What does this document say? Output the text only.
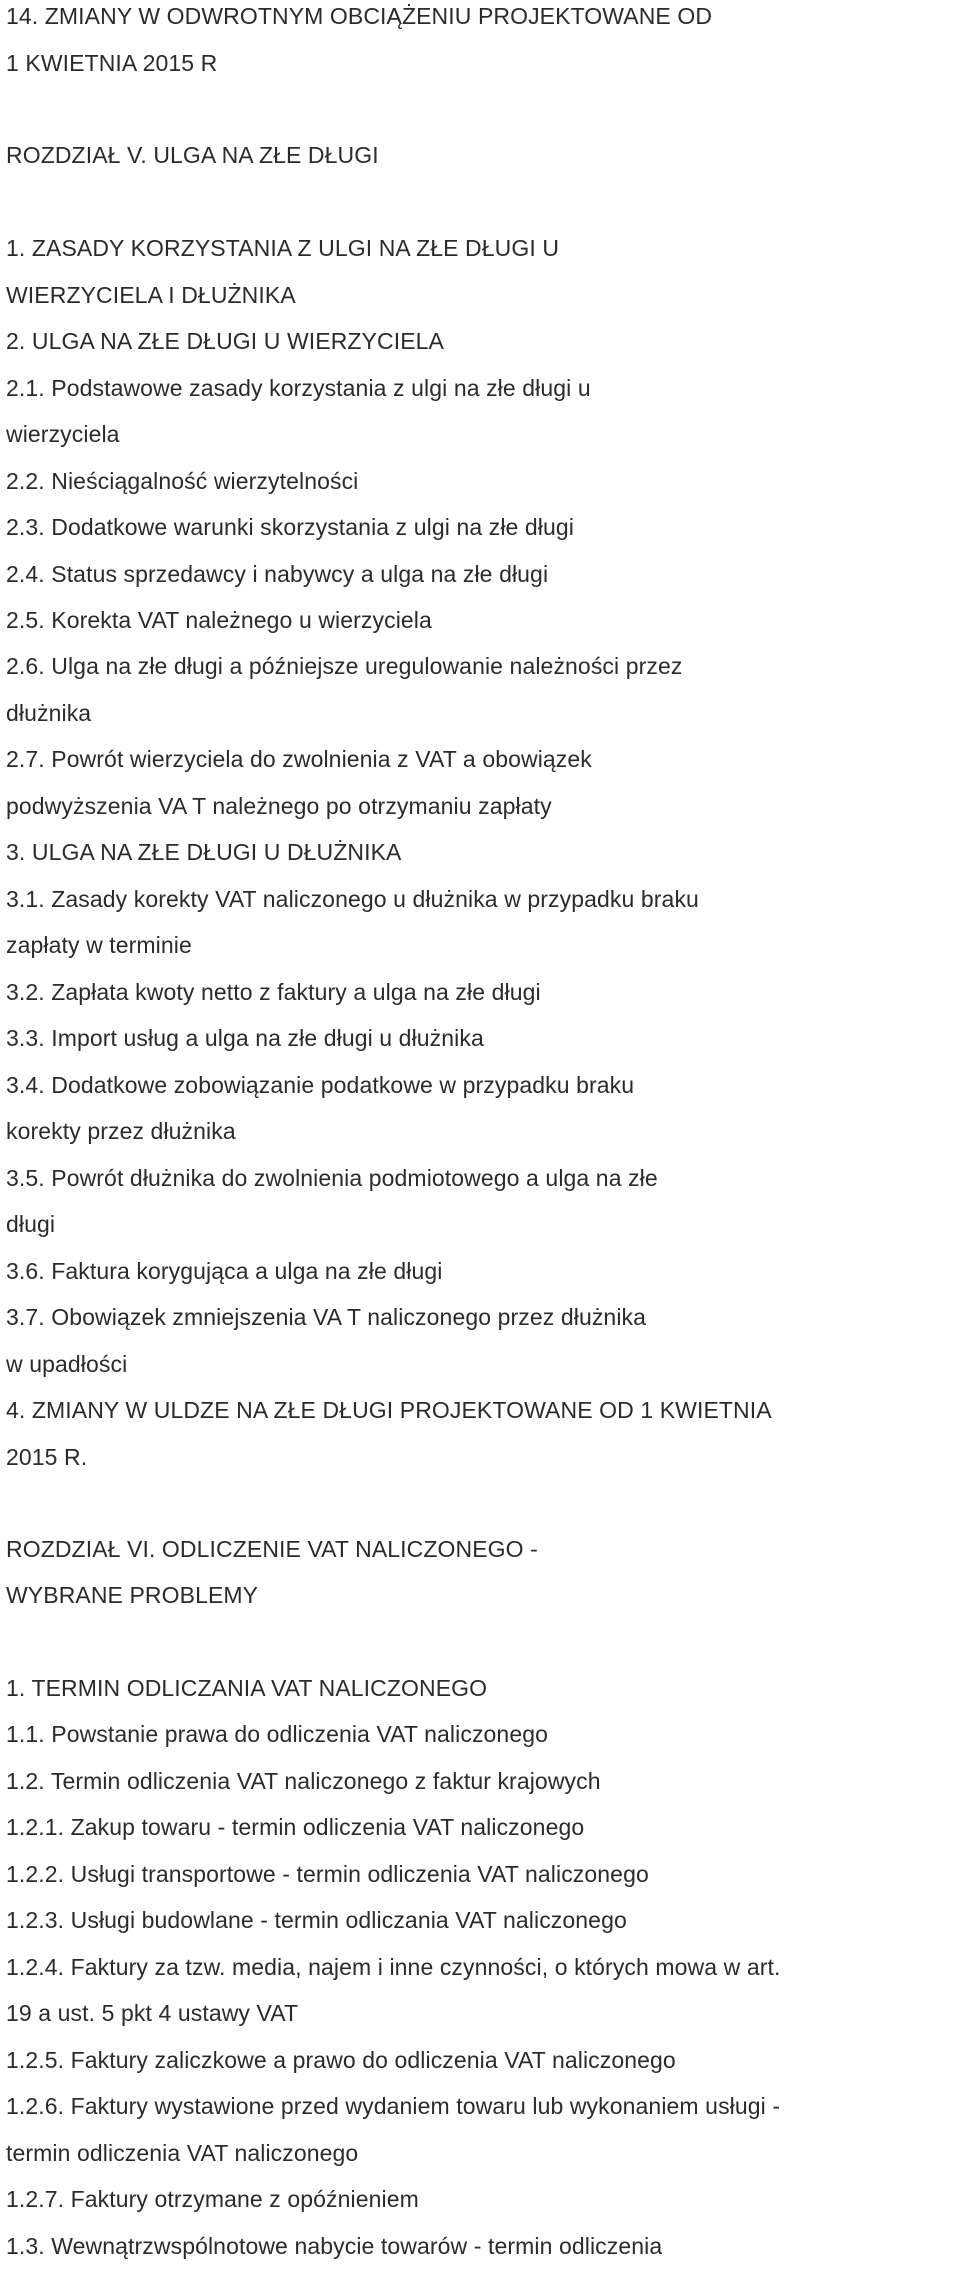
14. ZMIANY W ODWROTNYM OBCIĄŻENIU PROJEKTOWANE OD
1 KWIETNIA 2015 R
ROZDZIAŁ V. ULGA NA ZŁE DŁUGI
1. ZASADY KORZYSTANIA Z ULGI NA ZŁE DŁUGI U
WIERZYCIELA I DŁUŻNIKA
2. ULGA NA ZŁE DŁUGI U WIERZYCIELA
2.1. Podstawowe zasady korzystania z ulgi na złe długi u
wierzyciela
2.2. Nieściągalność wierzytelności
2.3. Dodatkowe warunki skorzystania z ulgi na złe długi
2.4. Status sprzedawcy i nabywcy a ulga na złe długi
2.5. Korekta VAT należnego u wierzyciela
2.6. Ulga na złe długi a późniejsze uregulowanie należności przez
dłużnika
2.7. Powrót wierzyciela do zwolnienia z VAT a obowiązek
podwyższenia VA T należnego po otrzymaniu zapłaty
3. ULGA NA ZŁE DŁUGI U DŁUŻNIKA
3.1. Zasady korekty VAT naliczonego u dłużnika w przypadku braku
zapłaty w terminie
3.2. Zapłata kwoty netto z faktury a ulga na złe długi
3.3. Import usług a ulga na złe długi u dłużnika
3.4. Dodatkowe zobowiązanie podatkowe w przypadku braku
korekty przez dłużnika
3.5. Powrót dłużnika do zwolnienia podmiotowego a ulga na złe
długi
3.6. Faktura korygująca a ulga na złe długi
3.7. Obowiązek zmniejszenia VA T naliczonego przez dłużnika
w upadłości
4. ZMIANY W ULDZE NA ZŁE DŁUGI PROJEKTOWANE OD 1 KWIETNIA
2015 R.
ROZDZIAŁ VI. ODLICZENIE VAT NALICZONEGO -
WYBRANE PROBLEMY
1. TERMIN ODLICZANIA VAT NALICZONEGO
1.1. Powstanie prawa do odliczenia VAT naliczonego
1.2. Termin odliczenia VAT naliczonego z faktur krajowych
1.2.1. Zakup towaru - termin odliczenia VAT naliczonego
1.2.2. Usługi transportowe - termin odliczenia VAT naliczonego
1.2.3. Usługi budowlane - termin odliczania VAT naliczonego
1.2.4. Faktury za tzw. media, najem i inne czynności, o których mowa w art.
19 a ust. 5 pkt 4 ustawy VAT
1.2.5. Faktury zaliczkowe a prawo do odliczenia VAT naliczonego
1.2.6. Faktury wystawione przed wydaniem towaru lub wykonaniem usługi -
termin odliczenia VAT naliczonego
1.2.7. Faktury otrzymane z opóźnieniem
1.3. Wewnątrzwspólnotowe nabycie towarów - termin odliczenia
